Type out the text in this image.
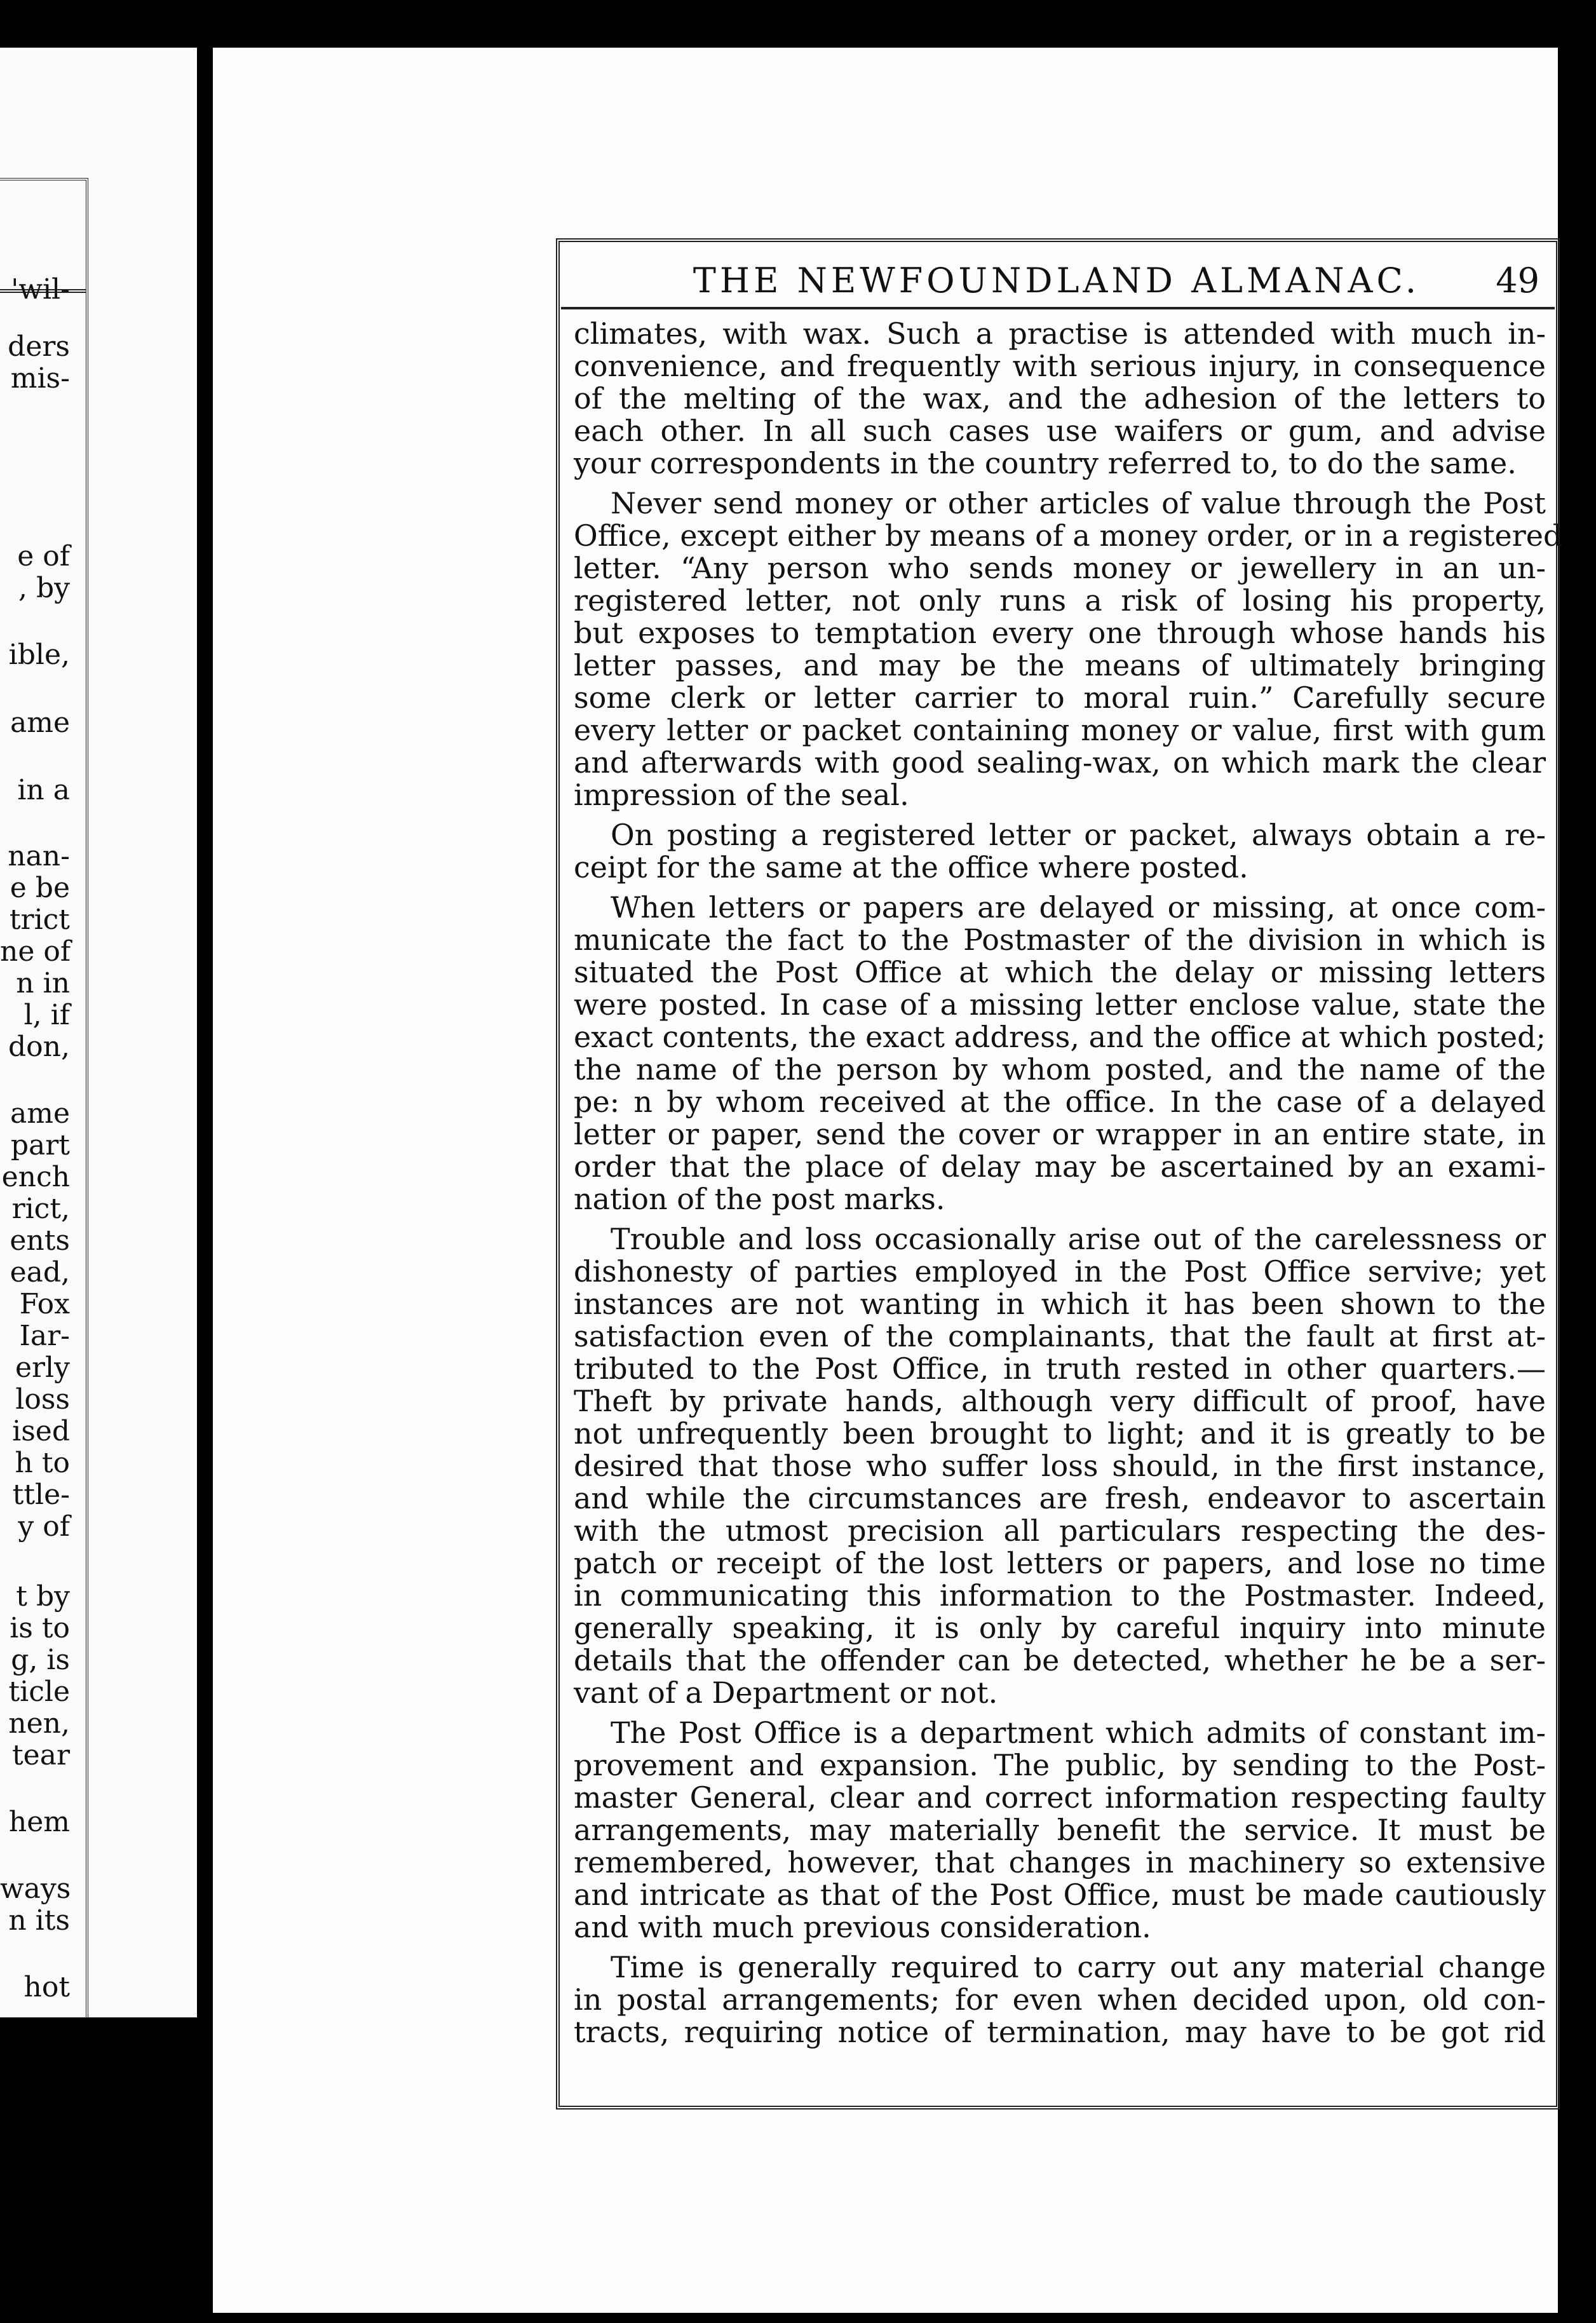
'wil-
ders
mis-
e of
, by
ible,
ame
in a
nan-
e be
trict
ne of
n in
l, if
don,
ame
part
ench
rict,
ents
ead,
Fox
Iar-
erly
loss
ised
h to
ttle-
y of
t by
is to
g, is
ticle
nen,
tear
hem
ways
n its
hot
THE NEWFOUNDLAND ALMANAC.	49
climates, with wax. Such a practise is attended with much in-
convenience, and frequently with serious injury, in consequence
of the melting of the wax, and the adhesion of the letters to
each other. In all such cases use waifers or gum, and advise
your correspondents in the country referred to, to do the same.
Never send money or other articles of value through the Post
Office, except either by means of a money order, or in a registered
letter. “Any person who sends money or jewellery in an un-
registered letter, not only runs a risk of losing his property,
but exposes to temptation every one through whose hands his
letter passes, and may be the means of ultimately bringing
some clerk or letter carrier to moral ruin.” Carefully secure
every letter or packet containing money or value, first with gum
and afterwards with good sealing-wax, on which mark the clear
impression of the seal.
On posting a registered letter or packet, always obtain a re-
ceipt for the same at the office where posted.
When letters or papers are delayed or missing, at once com-
municate the fact to the Postmaster of the division in which is
situated the Post Office at which the delay or missing letters
were posted. In case of a missing letter enclose value, state the
exact contents, the exact address, and the office at which posted;
the name of the person by whom posted, and the name of the
pe: n by whom received at the office. In the case of a delayed
letter or paper, send the cover or wrapper in an entire state, in
order that the place of delay may be ascertained by an exami-
nation of the post marks.
Trouble and loss occasionally arise out of the carelessness or
dishonesty of parties employed in the Post Office servive; yet
instances are not wanting in which it has been shown to the
satisfaction even of the complainants, that the fault at first at-
tributed to the Post Office, in truth rested in other quarters.—
Theft by private hands, although very difficult of proof, have
not unfrequently been brought to light; and it is greatly to be
desired that those who suffer loss should, in the first instance,
and while the circumstances are fresh, endeavor to ascertain
with the utmost precision all particulars respecting the des-
patch or receipt of the lost letters or papers, and lose no time
in communicating this information to the Postmaster. Indeed,
generally speaking, it is only by careful inquiry into minute
details that the offender can be detected, whether he be a ser-
vant of a Department or not.
The Post Office is a department which admits of constant im-
provement and expansion. The public, by sending to the Post-
master General, clear and correct information respecting faulty
arrangements, may materially benefit the service. It must be
remembered, however, that changes in machinery so extensive
and intricate as that of the Post Office, must be made cautiously
and with much previous consideration.
Time is generally required to carry out any material change
in postal arrangements; for even when decided upon, old con-
tracts, requiring notice of termination, may have to be got rid
